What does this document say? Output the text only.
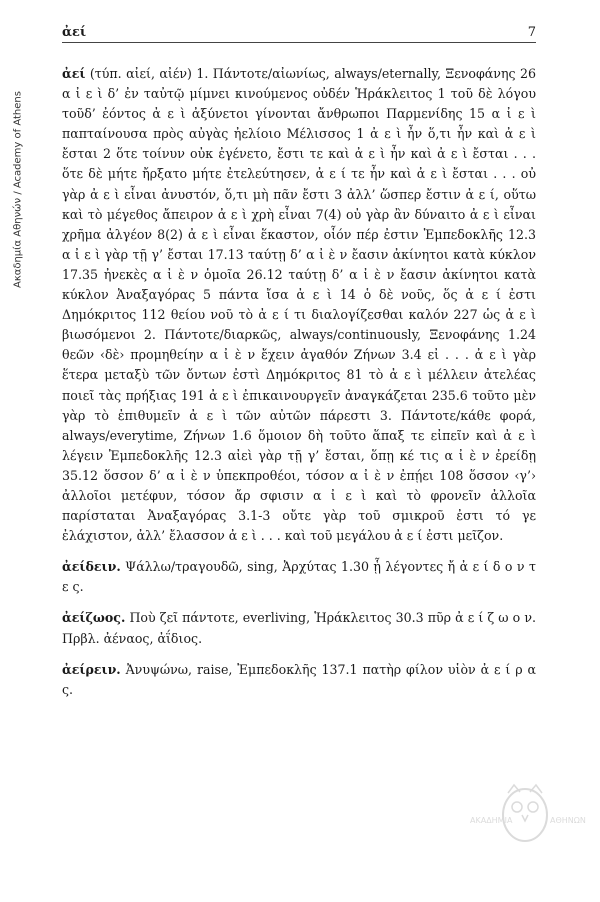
Ακαδημία Αθηνών / Academy of Athens
ἀεί	7

ἀεί (τύπ. αἰεί, αἰέν) 1. Πάντοτε/αἰωνίως, always/eternally, Ξενοφάνης 26 α ἰ ε ὶ δ’ ἐν ταὐτῷ μίμνει κινούμενος οὐδέν Ἡράκλειτος 1 τοῦ δὲ λόγου τοῦδ’ ἐόντος ἀ ε ὶ ἀξύνετοι γίνονται ἄνθρωποι Παρμενίδης 15 α ἰ ε ὶ παπταίνουσα πρὸς αὐγὰς ἠελίοιο Μέλισσος 1 ἀ ε ὶ ἦν ὅ,τι ἦν καὶ ἀ ε ὶ ἔσται 2 ὅτε τοίνυν οὐκ ἐγένετο, ἔστι τε καὶ ἀ ε ὶ ἦν καὶ ἀ ε ὶ ἔσται . . . ὅτε δὲ μήτε ἤρξατο μήτε ἐτελεύτησεν, ἀ ε ί τε ἦν καὶ ἀ ε ὶ ἔσται . . . οὐ γὰρ ἀ ε ὶ εἶναι ἀνυστόν, ὅ,τι μὴ πᾶν ἔστι 3 ἀλλ’ ὥσπερ ἔστιν ἀ ε ί, οὕτω καὶ τὸ μέγεθος ἄπειρον ἀ ε ὶ χρὴ εἶναι 7(4) οὐ γὰρ ἂν δύναιτο ἀ ε ὶ εἶναι χρῆμα ἀλγέον 8(2) ἀ ε ὶ εἶναι ἕκαστον, οἷόν πέρ ἐστιν Ἐμπεδοκλῆς 12.3 α ἰ ε ὶ γὰρ τῇ γ’ ἔσται 17.13 ταύτῃ δ’ α ἰ ὲ ν ἔασιν ἀκίνητοι κατὰ κύκλον 17.35 ἠνεκὲς α ἰ ὲ ν ὁμοῖα 26.12 ταύτῃ δ’ α ἰ ὲ ν ἔασιν ἀκίνητοι κατὰ κύκλον Ἀναξαγόρας 5 πάντα ἴσα ἀ ε ὶ 14 ὁ δὲ νοῦς, ὅς ἀ ε ί ἐστι Δημόκριτος 112 θείου νοῦ τὸ ἀ ε ί τι διαλογίζεσθαι καλόν 227 ὡς ἀ ε ὶ βιωσόμενοι 2. Πάντοτε/διαρκῶς, always/continuously, Ξενοφάνης 1.24 θεῶν ‹δὲ› προμηθείην α ἰ ὲ ν ἔχειν ἀγαθόν Ζήνων 3.4 εἰ . . . ἀ ε ὶ γὰρ ἕτερα μεταξὺ τῶν ὄντων ἐστὶ Δημόκριτος 81 τὸ ἀ ε ὶ μέλλειν ἀτελέας ποιεῖ τὰς πρήξιας 191 ἀ ε ὶ ἐπικαινουργεῖν ἀναγκάζεται 235.6 τοῦτο μὲν γὰρ τὸ ἐπιθυμεῖν ἀ ε ὶ τῶν αὐτῶν πάρεστι 3. Πάντοτε/κάθε φορά, always/everytime, Ζήνων 1.6 ὅμοιον δὴ τοῦτο ἅπαξ τε εἰπεῖν καὶ ἀ ε ὶ λέγειν Ἐμπεδοκλῆς 12.3 αἰεὶ γὰρ τῇ γ’ ἔσται, ὅπῃ κέ τις α ἰ ὲ ν ἐρείδῃ 35.12 ὅσσον δ’ α ἰ ὲ ν ὑπεκπροθέοι, τόσον α ἰ ὲ ν ἐπῄει 108 ὅσσον ‹γ’› ἀλλοῖοι μετέφυν, τόσον ἄρ σφισιν α ἰ ε ὶ καὶ τὸ φρονεῖν ἀλλοῖα παρίσταται Ἀναξαγόρας 3.1-3 οὔτε γὰρ τοῦ σμικροῦ ἐστι τό γε ἐλάχιστον, ἀλλ’ ἔλασσον ἀ ε ὶ . . . καὶ τοῦ μεγάλου ἀ ε ί ἐστι μεῖζον.

ἀείδειν. Ψάλλω/τραγουδῶ, sing, Ἀρχύτας 1.30 ᾗ λέγοντες ἤ ἀ ε ί δ ο ν τ ε ς.

ἀείζωος. Ποὺ ζεῖ πάντοτε, everliving, Ἡράκλειτος 30.3 πῦρ ἀ ε ί ζ ω ο ν. Πρβλ. ἀέναος, ἀΐδιος.

ἀείρειν. Ἀνυψώνω, raise, Ἐμπεδοκλῆς 137.1 πατὴρ φίλον υἱὸν ἀ ε ί ρ α ς.

ΑΚΑΔΗΜΙΑ	ΑΘΗΝΩΝ
